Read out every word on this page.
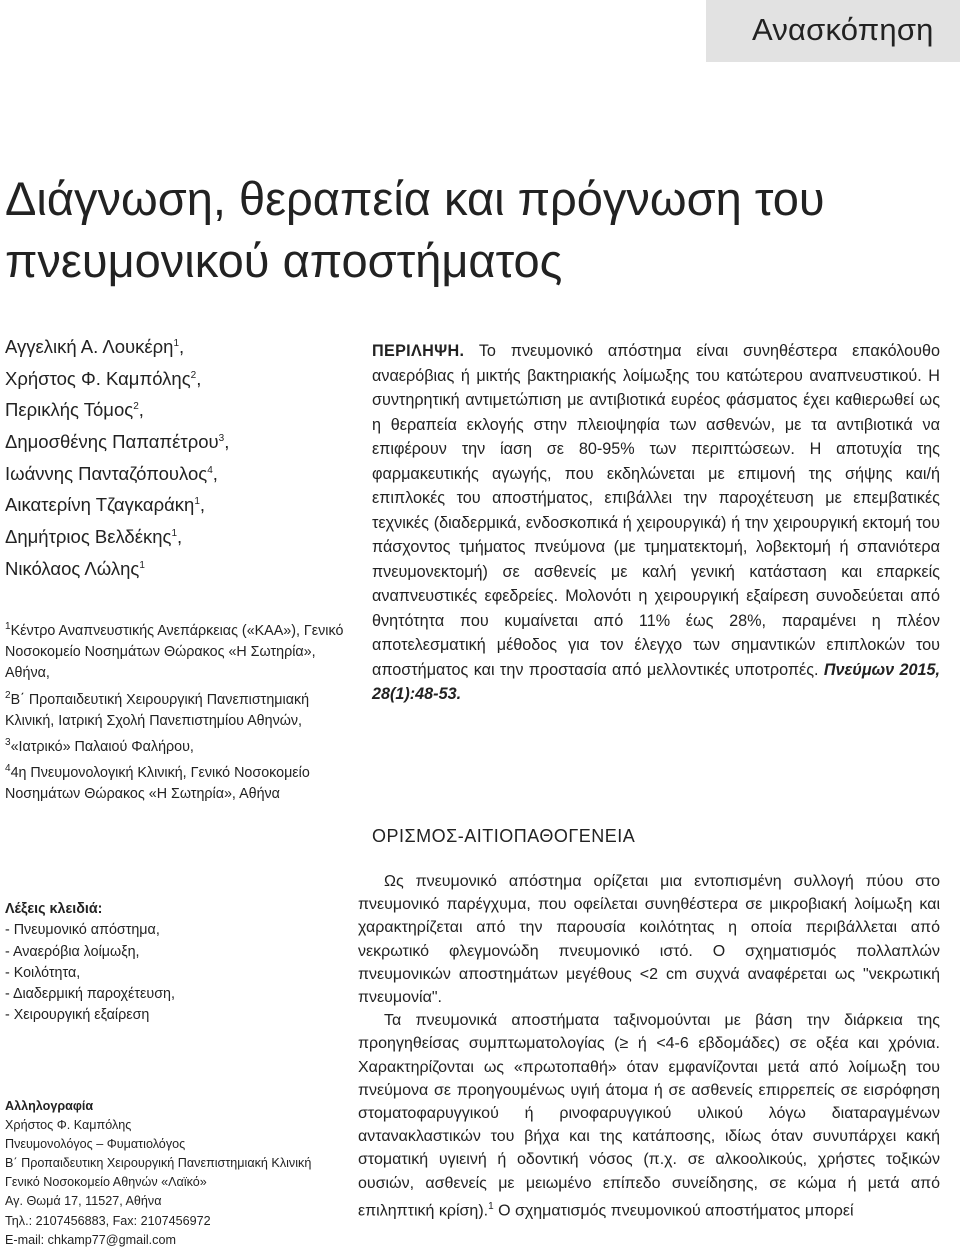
Ανασκόπηση
Διάγνωση, θεραπεία και πρόγνωση του πνευμονικού αποστήματος
Αγγελική Α. Λουκέρη$^1$,
Χρήστος Φ. Καμπόλης$^2$,
Περικλής Τόμος$^2$,
Δημοσθένης Παπαπέτρου$^3$,
Ιωάννης Πανταζόπουλος$^4$,
Αικατερίνη Τζαγκαράκη$^1$,
Δημήτριος Βελδέκης$^1$,
Νικόλαος Λώλης$^1$
$^1$Κέντρο Αναπνευστικής Ανεπάρκειας («ΚΑΑ»), Γενικό Νοσοκομείο Νοσημάτων Θώρακος «Η Σωτηρία», Αθήνα,
$^2$Β΄ Προπαιδευτική Χειρουργική Πανεπιστημιακή Κλινική, Ιατρική Σχολή Πανεπιστημίου Αθηνών,
$^3$«Ιατρικό» Παλαιού Φαλήρου,
$^4$4η Πνευμονολογική Κλινική, Γενικό Νοσοκομείο Νοσημάτων Θώρακος «Η Σωτηρία», Αθήνα
Λέξεις κλειδιά:
- Πνευμονικό απόστημα,
- Αναερόβια λοίμωξη,
- Κοιλότητα,
- Διαδερμική παροχέτευση,
- Χειρουργική εξαίρεση
Αλληλογραφία
Χρήστος Φ. Καμπόλης
Πνευμονολόγος – Φυματιολόγος
Β΄ Προπαιδευτικη Χειρουργική Πανεπιστημιακή Κλινική
Γενικό Νοσοκομείο Αθηνών «Λαϊκό»
Αγ. Θωμά 17, 11527, Αθήνα
Τηλ.: 2107456883, Fax: 2107456972
E-mail: chkamp77@gmail.com
ΠΕΡΙΛΗΨΗ. Το πνευμονικό απόστημα είναι συνηθέστερα επακόλουθο αναερόβιας ή μικτής βακτηριακής λοίμωξης του κατώτερου αναπνευστικού. Η συντηρητική αντιμετώπιση με αντιβιοτικά ευρέος φάσματος έχει καθιερωθεί ως η θεραπεία εκλογής στην πλειοψηφία των ασθενών, με τα αντιβιοτικά να επιφέρουν την ίαση σε 80-95% των περιπτώσεων. Η αποτυχία της φαρμακευτικής αγωγής, που εκδηλώνεται με επιμονή της σήψης και/ή επιπλοκές του αποστήματος, επιβάλλει την παροχέτευση με επεμβατικές τεχνικές (διαδερμικά, ενδοσκοπικά ή χειρουργικά) ή την χειρουργική εκτομή του πάσχοντος τμήματος πνεύμονα (με τμηματεκτομή, λοβεκτομή ή σπανιότερα πνευμονεκτομή) σε ασθενείς με καλή γενική κατάσταση και επαρκείς αναπνευστικές εφεδρείες. Μολονότι η χειρουργική εξαίρεση συνοδεύεται από θνητότητα που κυμαίνεται από 11% έως 28%, παραμένει η πλέον αποτελεσματική μέθοδος για τον έλεγχο των σημαντικών επιπλοκών του αποστήματος και την προστασία από μελλοντικές υποτροπές. Πνεύμων 2015, 28(1):48-53.
ΟΡΙΣΜΟΣ-ΑΙΤΙΟΠΑΘΟΓΕΝΕΙΑ

Ως πνευμονικό απόστημα ορίζεται μια εντοπισμένη συλλογή πύου στο πνευμονικό παρέγχυμα, που οφείλεται συνηθέστερα σε μικροβιακή λοίμωξη και χαρακτηρίζεται από την παρουσία κοιλότητας η οποία περιβάλλεται από νεκρωτικό φλεγμονώδη πνευμονικό ιστό. Ο σχηματισμός πολλαπλών πνευμονικών αποστημάτων μεγέθους <2 cm συχνά αναφέρεται ως "νεκρωτική πνευμονία".

Τα πνευμονικά αποστήματα ταξινομούνται με βάση την διάρκεια της προηγηθείσας συμπτωματολογίας (≥ ή <4-6 εβδομάδες) σε οξέα και χρόνια. Χαρακτηρίζονται ως «πρωτοπαθή» όταν εμφανίζονται μετά από λοίμωξη του πνεύμονα σε προηγουμένως υγιή άτομα ή σε ασθενείς επιρρεπείς σε εισρόφηση στοματοφαρυγγικού ή ρινοφαρυγγικού υλικού λόγω διαταραγμένων αντανακλαστικών του βήχα και της κατάποσης, ιδίως όταν συνυπάρχει κακή στοματική υγιεινή ή οδοντική νόσος (π.χ. σε αλκοολικούς, χρήστες τοξικών ουσιών, ασθενείς με μειωμένο επίπεδο συνείδησης, σε κώμα ή μετά από επιληπτική κρίση).$^1$ Ο σχηματισμός πνευμονικού αποστήματος μπορεί
